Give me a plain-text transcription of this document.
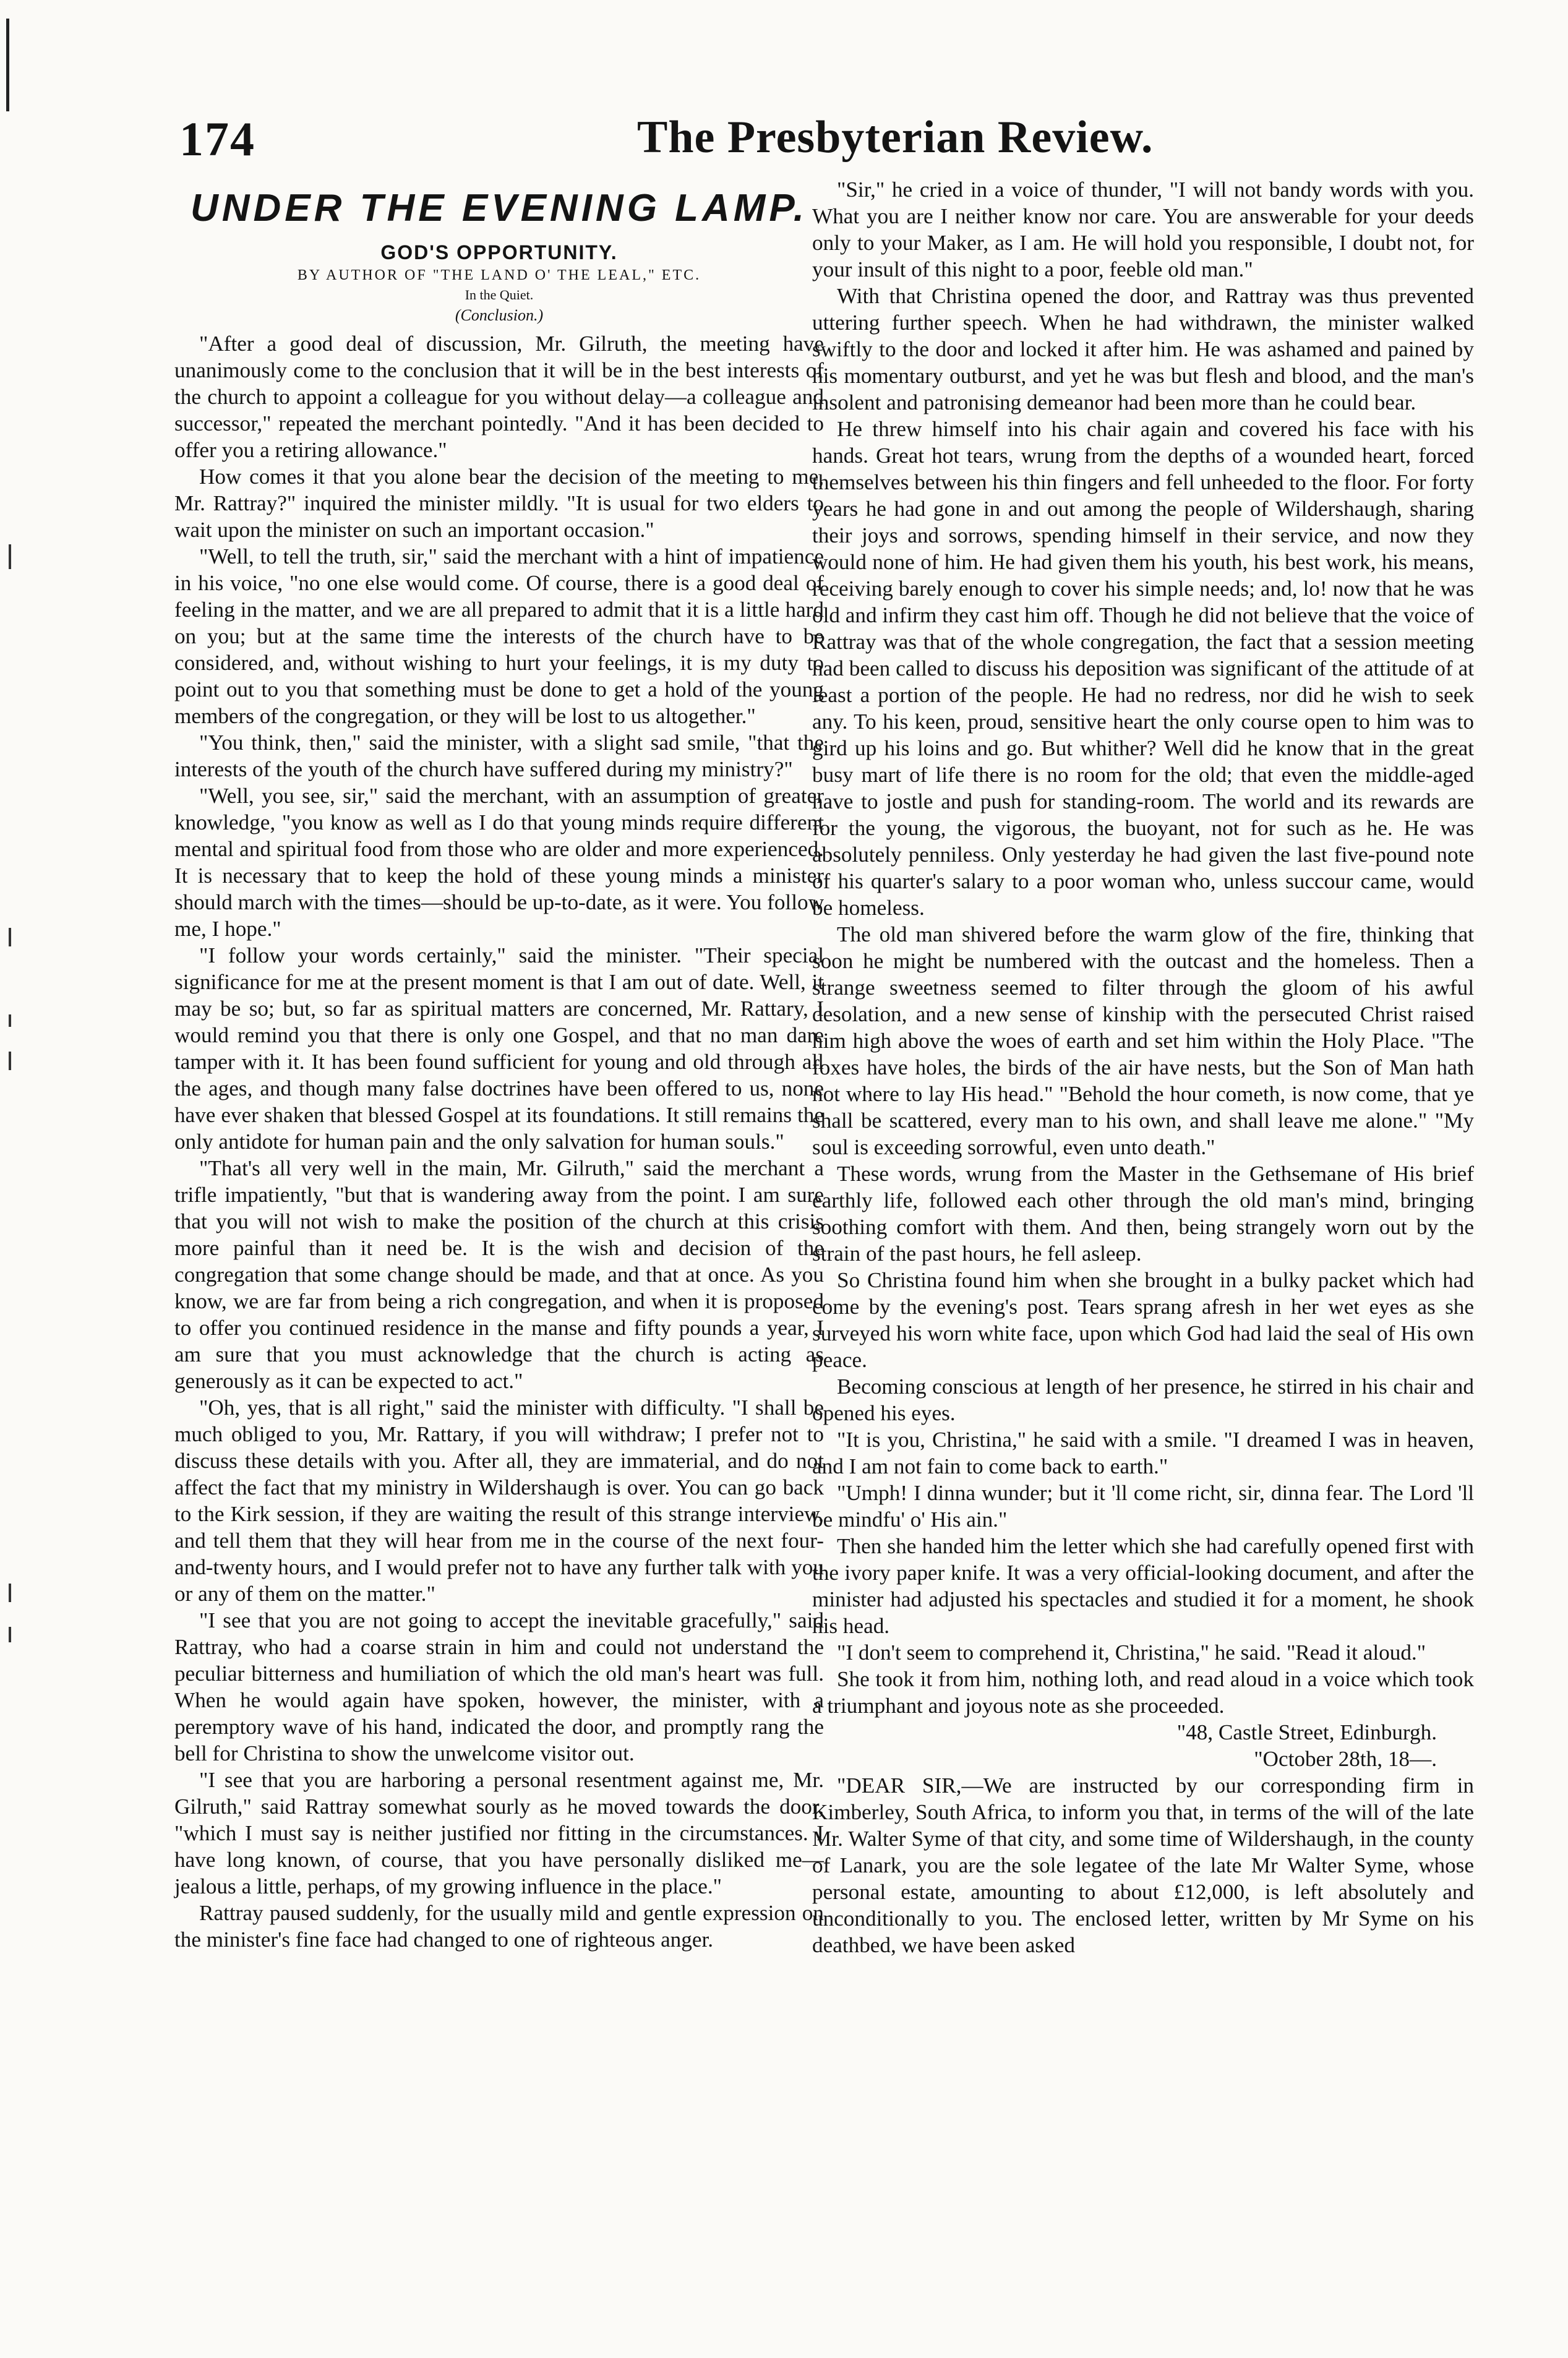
174	The Presbyterian Review.
UNDER THE EVENING LAMP.
GOD'S OPPORTUNITY.
BY AUTHOR OF "THE LAND O' THE LEAL," ETC.
In the Quiet.
(Conclusion.)

"After a good deal of discussion, Mr. Gilruth, the meeting have unanimously come to the conclusion that it will be in the best interests of the church to appoint a colleague for you without delay—a colleague and successor," repeated the merchant pointedly. "And it has been decided to offer you a retiring allowance."

How comes it that you alone bear the decision of the meeting to me, Mr. Rattray?" inquired the minister mildly. "It is usual for two elders to wait upon the minister on such an important occasion."

"Well, to tell the truth, sir," said the merchant with a hint of impatience in his voice, "no one else would come. Of course, there is a good deal of feeling in the matter, and we are all prepared to admit that it is a little hard on you; but at the same time the interests of the church have to be considered, and, without wishing to hurt your feelings, it is my duty to point out to you that something must be done to get a hold of the young members of the congregation, or they will be lost to us altogether."

"You think, then," said the minister, with a slight sad smile, "that the interests of the youth of the church have suffered during my ministry?"

"Well, you see, sir," said the merchant, with an assumption of greater knowledge, "you know as well as I do that young minds require different mental and spiritual food from those who are older and more experienced. It is necessary that to keep the hold of these young minds a minister should march with the times—should be up-to-date, as it were. You follow me, I hope."

"I follow your words certainly," said the minister. "Their special significance for me at the present moment is that I am out of date. Well, it may be so; but, so far as spiritual matters are concerned, Mr. Rattary, I would remind you that there is only one Gospel, and that no man dare tamper with it. It has been found sufficient for young and old through all the ages, and though many false doctrines have been offered to us, none have ever shaken that blessed Gospel at its foundations. It still remains the only antidote for human pain and the only salvation for human souls."

"That's all very well in the main, Mr. Gilruth," said the merchant a trifle impatiently, "but that is wandering away from the point. I am sure that you will not wish to make the position of the church at this crisis more painful than it need be. It is the wish and decision of the congregation that some change should be made, and that at once. As you know, we are far from being a rich congregation, and when it is proposed to offer you continued residence in the manse and fifty pounds a year, I am sure that you must acknowledge that the church is acting as generously as it can be expected to act."

"Oh, yes, that is all right," said the minister with difficulty. "I shall be much obliged to you, Mr. Rattary, if you will withdraw; I prefer not to discuss these details with you. After all, they are immaterial, and do not affect the fact that my ministry in Wildershaugh is over. You can go back to the Kirk session, if they are waiting the result of this strange interview, and tell them that they will hear from me in the course of the next four-and-twenty hours, and I would prefer not to have any further talk with you or any of them on the matter."

"I see that you are not going to accept the inevitable gracefully," said Rattray, who had a coarse strain in him and could not understand the peculiar bitterness and humiliation of which the old man's heart was full. When he would again have spoken, however, the minister, with a peremptory wave of his hand, indicated the door, and promptly rang the bell for Christina to show the unwelcome visitor out.

"I see that you are harboring a personal resentment against me, Mr. Gilruth," said Rattray somewhat sourly as he moved towards the door, "which I must say is neither justified nor fitting in the circumstances. I have long known, of course, that you have personally disliked me—jealous a little, perhaps, of my growing influence in the place."

Rattray paused suddenly, for the usually mild and gentle expression on the minister's fine face had changed to one of righteous anger.

"Sir," he cried in a voice of thunder, "I will not bandy words with you. What you are I neither know nor care. You are answerable for your deeds only to your Maker, as I am. He will hold you responsible, I doubt not, for your insult of this night to a poor, feeble old man."

With that Christina opened the door, and Rattray was thus prevented uttering further speech. When he had withdrawn, the minister walked swiftly to the door and locked it after him. He was ashamed and pained by his momentary outburst, and yet he was but flesh and blood, and the man's insolent and patronising demeanor had been more than he could bear.

He threw himself into his chair again and covered his face with his hands. Great hot tears, wrung from the depths of a wounded heart, forced themselves between his thin fingers and fell unheeded to the floor. For forty years he had gone in and out among the people of Wildershaugh, sharing their joys and sorrows, spending himself in their service, and now they would none of him. He had given them his youth, his best work, his means, receiving barely enough to cover his simple needs; and, lo! now that he was old and infirm they cast him off. Though he did not believe that the voice of Rattray was that of the whole congregation, the fact that a session meeting had been called to discuss his deposition was significant of the attitude of at least a portion of the people. He had no redress, nor did he wish to seek any. To his keen, proud, sensitive heart the only course open to him was to gird up his loins and go. But whither? Well did he know that in the great busy mart of life there is no room for the old; that even the middle-aged have to jostle and push for standing-room. The world and its rewards are for the young, the vigorous, the buoyant, not for such as he. He was absolutely penniless. Only yesterday he had given the last five-pound note of his quarter's salary to a poor woman who, unless succour came, would be homeless.

The old man shivered before the warm glow of the fire, thinking that soon he might be numbered with the outcast and the homeless. Then a strange sweetness seemed to filter through the gloom of his awful desolation, and a new sense of kinship with the persecuted Christ raised him high above the woes of earth and set him within the Holy Place. "The foxes have holes, the birds of the air have nests, but the Son of Man hath not where to lay His head." "Behold the hour cometh, is now come, that ye shall be scattered, every man to his own, and shall leave me alone." "My soul is exceeding sorrowful, even unto death."

These words, wrung from the Master in the Gethsemane of His brief earthly life, followed each other through the old man's mind, bringing soothing comfort with them. And then, being strangely worn out by the strain of the past hours, he fell asleep.

So Christina found him when she brought in a bulky packet which had come by the evening's post. Tears sprang afresh in her wet eyes as she surveyed his worn white face, upon which God had laid the seal of His own peace.

Becoming conscious at length of her presence, he stirred in his chair and opened his eyes.

"It is you, Christina," he said with a smile. "I dreamed I was in heaven, and I am not fain to come back to earth."

"Umph! I dinna wunder; but it 'll come richt, sir, dinna fear. The Lord 'll be mindfu' o' His ain."

Then she handed him the letter which she had carefully opened first with the ivory paper knife. It was a very official-looking document, and after the minister had adjusted his spectacles and studied it for a moment, he shook his head.

"I don't seem to comprehend it, Christina," he said. "Read it aloud."

She took it from him, nothing loth, and read aloud in a voice which took a triumphant and joyous note as she proceeded.

"48, Castle Street, Edinburgh.

"October 28th, 18—.

"DEAR SIR,—We are instructed by our corresponding firm in Kimberley, South Africa, to inform you that, in terms of the will of the late Mr. Walter Syme of that city, and some time of Wildershaugh, in the county of Lanark, you are the sole legatee of the late Mr Walter Syme, whose personal estate, amounting to about £12,000, is left absolutely and unconditionally to you. The enclosed letter, written by Mr Syme on his deathbed, we have been asked
